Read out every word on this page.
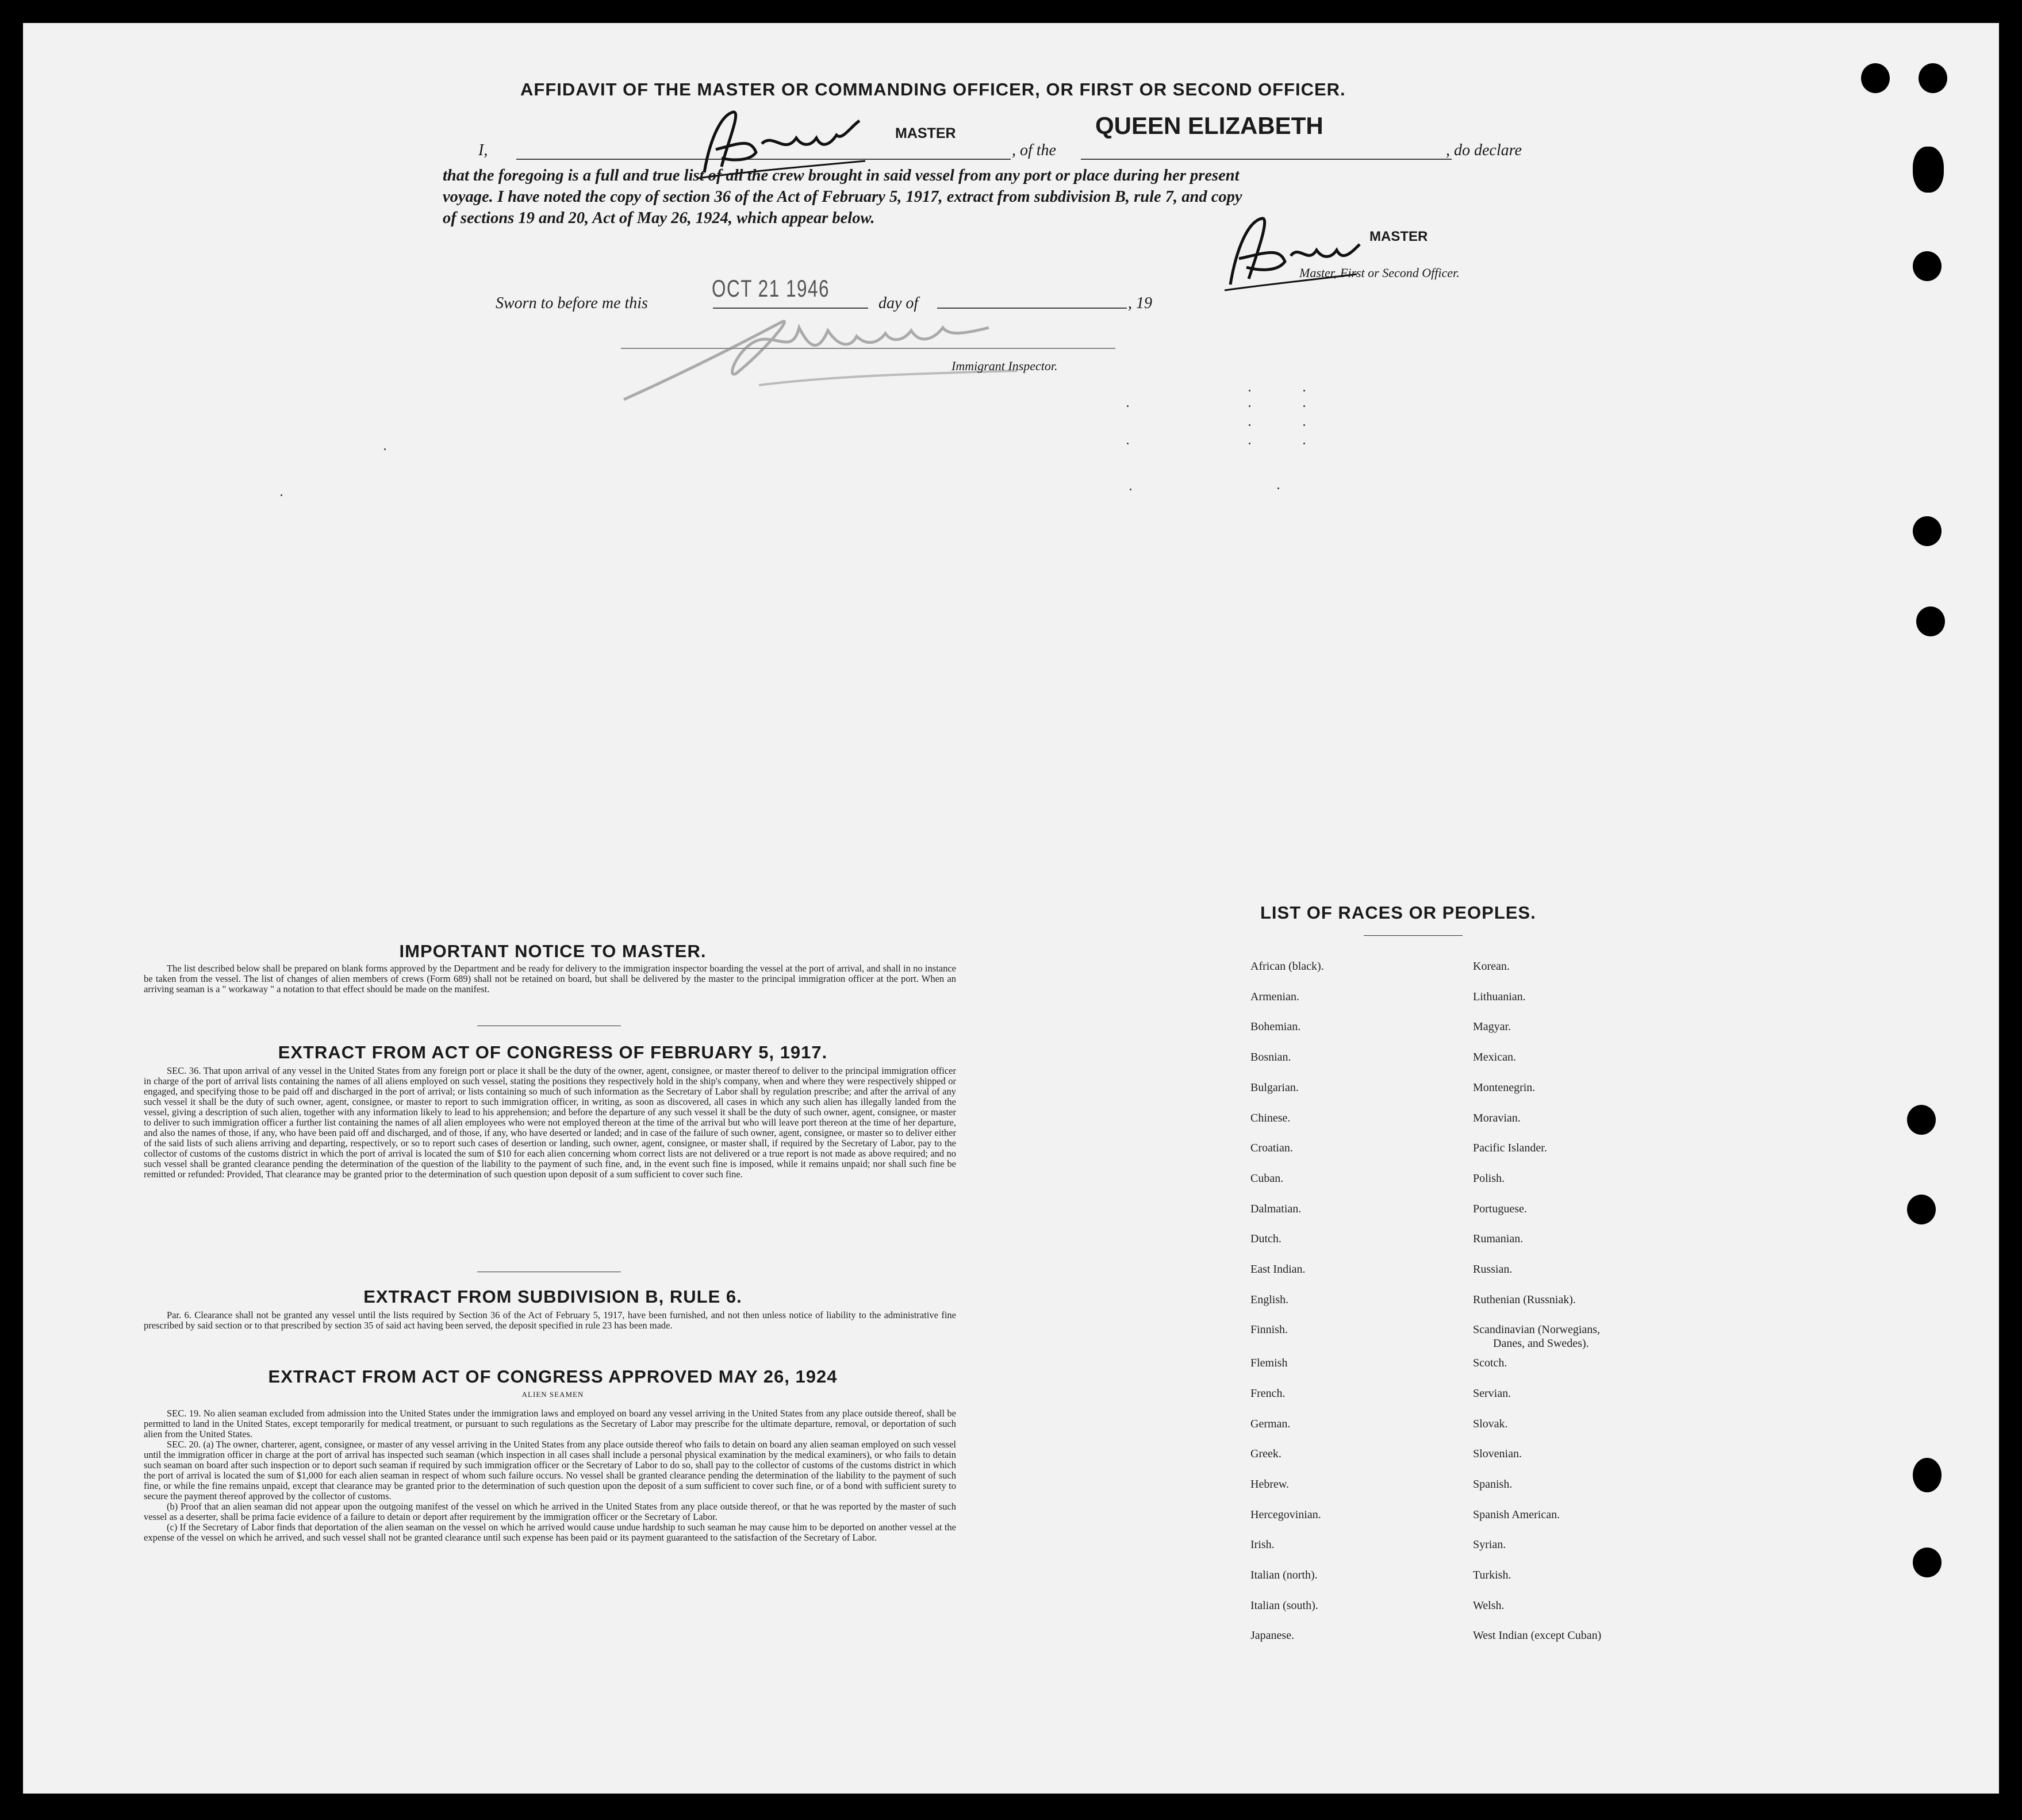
AFFIDAVIT OF THE MASTER OR COMMANDING OFFICER, OR FIRST OR SECOND OFFICER.
I,
MASTER
, of the
QUEEN ELIZABETH
, do declare
that the foregoing is a full and true list of all the crew brought in said vessel from any port or place during her present
voyage. I have noted the copy of section 36 of the Act of February 5, 1917, extract from subdivision B, rule 7, and copy
of sections 19 and 20, Act of May 26, 1924, which appear below.
MASTER
Master, First or Second Officer.
Sworn to before me this
OCT 21 1946
day of	, 19
Immigrant Inspector.
IMPORTANT NOTICE TO MASTER.

The list described below shall be prepared on blank forms approved by the Department and be ready for delivery to the immigration inspector boarding the vessel at the port of arrival, and shall in no instance be taken from the vessel. The list of changes of alien members of crews (Form 689) shall not be retained on board, but shall be delivered by the master to the principal immigration officer at the port. When an arriving seaman is a " workaway " a notation to that effect should be made on the manifest.

EXTRACT FROM ACT OF CONGRESS OF FEBRUARY 5, 1917.

SEC. 36. That upon arrival of any vessel in the United States from any foreign port or place it shall be the duty of the owner, agent, consignee, or master thereof to deliver to the principal immigration officer in charge of the port of arrival lists containing the names of all aliens employed on such vessel, stating the positions they respectively hold in the ship's company, when and where they were respectively shipped or engaged, and specifying those to be paid off and discharged in the port of arrival; or lists containing so much of such information as the Secretary of Labor shall by regulation prescribe; and after the arrival of any such vessel it shall be the duty of such owner, agent, consignee, or master to report to such immigration officer, in writing, as soon as discovered, all cases in which any such alien has illegally landed from the vessel, giving a description of such alien, together with any information likely to lead to his apprehension; and before the departure of any such vessel it shall be the duty of such owner, agent, consignee, or master to deliver to such immigration officer a further list containing the names of all alien employees who were not employed thereon at the time of the arrival but who will leave port thereon at the time of her departure, and also the names of those, if any, who have been paid off and discharged, and of those, if any, who have deserted or landed; and in case of the failure of such owner, agent, consignee, or master so to deliver either of the said lists of such aliens arriving and departing, respectively, or so to report such cases of desertion or landing, such owner, agent, consignee, or master shall, if required by the Secretary of Labor, pay to the collector of customs of the customs district in which the port of arrival is located the sum of $10 for each alien concerning whom correct lists are not delivered or a true report is not made as above required; and no such vessel shall be granted clearance pending the determination of the question of the liability to the payment of such fine, and, in the event such fine is imposed, while it remains unpaid; nor shall such fine be remitted or refunded: Provided, That clearance may be granted prior to the determination of such question upon deposit of a sum sufficient to cover such fine.

EXTRACT FROM SUBDIVISION B, RULE 6.

Par. 6. Clearance shall not be granted any vessel until the lists required by Section 36 of the Act of February 5, 1917, have been furnished, and not then unless notice of liability to the administrative fine prescribed by said section or to that prescribed by section 35 of said act having been served, the deposit specified in rule 23 has been made.

EXTRACT FROM ACT OF CONGRESS APPROVED MAY 26, 1924
ALIEN SEAMEN

SEC. 19. No alien seaman excluded from admission into the United States under the immigration laws and employed on board any vessel arriving in the United States from any place outside thereof, shall be permitted to land in the United States, except temporarily for medical treatment, or pursuant to such regulations as the Secretary of Labor may prescribe for the ultimate departure, removal, or deportation of such alien from the United States.

SEC. 20. (a) The owner, charterer, agent, consignee, or master of any vessel arriving in the United States from any place outside thereof who fails to detain on board any alien seaman employed on such vessel until the immigration officer in charge at the port of arrival has inspected such seaman (which inspection in all cases shall include a personal physical examination by the medical examiners), or who fails to detain such seaman on board after such inspection or to deport such seaman if required by such immigration officer or the Secretary of Labor to do so, shall pay to the collector of customs of the customs district in which the port of arrival is located the sum of $1,000 for each alien seaman in respect of whom such failure occurs. No vessel shall be granted clearance pending the determination of the liability to the payment of such fine, or while the fine remains unpaid, except that clearance may be granted prior to the determination of such question upon the deposit of a sum sufficient to cover such fine, or of a bond with sufficient surety to secure the payment thereof approved by the collector of customs.

(b) Proof that an alien seaman did not appear upon the outgoing manifest of the vessel on which he arrived in the United States from any place outside thereof, or that he was reported by the master of such vessel as a deserter, shall be prima facie evidence of a failure to detain or deport after requirement by the immigration officer or the Secretary of Labor.

(c) If the Secretary of Labor finds that deportation of the alien seaman on the vessel on which he arrived would cause undue hardship to such seaman he may cause him to be deported on another vessel at the expense of the vessel on which he arrived, and such vessel shall not be granted clearance until such expense has been paid or its payment guaranteed to the satisfaction of the Secretary of Labor.

LIST OF RACES OR PEOPLES.
Danes, and Swedes).
African (black).
Armenian.
Bohemian.
Bosnian.
Bulgarian.
Chinese.
Croatian.
Cuban.
Dalmatian.
Dutch.
East Indian.
English.
Finnish.
Flemish
French.
German.
Greek.
Hebrew.
Hercegovinian.
Irish.
Italian (north).
Italian (south).
Japanese.
Korean.
Lithuanian.
Magyar.
Mexican.
Montenegrin.
Moravian.
Pacific Islander.
Polish.
Portuguese.
Rumanian.
Russian.
Ruthenian (Russniak).
Scandinavian (Norwegians,
Scotch.
Servian.
Slovak.
Slovenian.
Spanish.
Spanish American.
Syrian.
Turkish.
Welsh.
West Indian (except Cuban)
